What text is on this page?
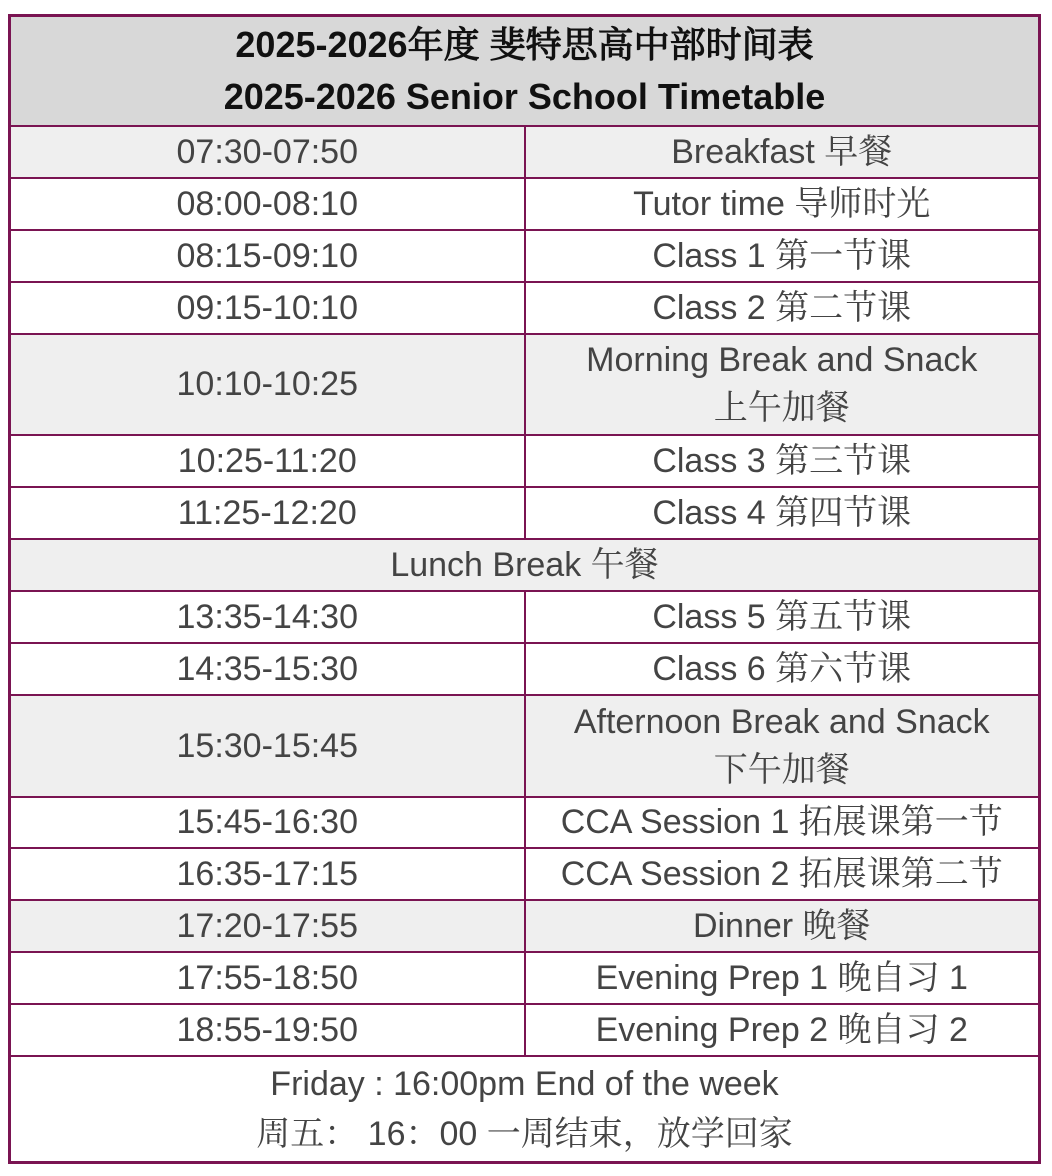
2025-2026年度 斐特思高中部时间表
2025-2026 Senior School Timetable	

07:30-07:50	Breakfast 早餐
08:00-08:10	Tutor time 导师时光
08:15-09:10	Class 1 第一节课
09:15-10:10	Class 2 第二节课
10:10-10:25	Morning Break and Snack
上午加餐

10:25-11:20	Class 3 第三节课
11:25-12:20	Class 4 第四节课
Lunch Break 午餐	
13:35-14:30	Class 5 第五节课
14:35-15:30	Class 6 第六节课
15:30-15:45	Afternoon Break and Snack
下午加餐

15:45-16:30	CCA Session 1 拓展课第一节
16:35-17:15	CCA Session 2 拓展课第二节
17:20-17:55	Dinner 晚餐
17:55-18:50	Evening Prep 1 晚自习 1
18:55-19:50	Evening Prep 2 晚自习 2

Friday : 16:00pm End of the week
周五： 16：00 一周结束，放学回家	
